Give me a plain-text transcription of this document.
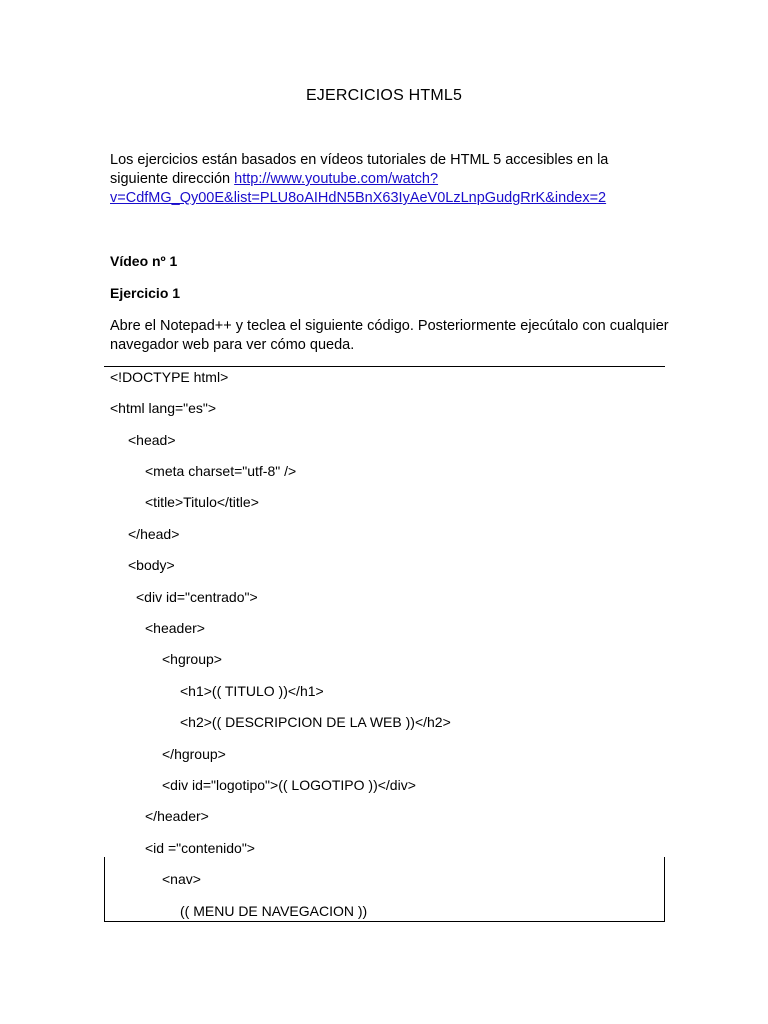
EJERCICIOS HTML5
Los ejercicios están basados en vídeos tutoriales de HTML 5 accesibles en la siguiente dirección http://www.youtube.com/watch?
v=CdfMG_Qy00E&list=PLU8oAIHdN5BnX63IyAeV0LzLnpGudgRrK&index=2
Vídeo nº 1
Ejercicio 1
Abre el Notepad++ y teclea el siguiente código. Posteriormente ejecútalo con cualquier navegador web para ver cómo queda.
<!DOCTYPE html>
<html lang="es">
<head>
<meta charset="utf-8" />
<title>Titulo</title>
</head>
<body>
<div id="centrado">
<header>
<hgroup>
<h1>(( TITULO ))</h1>
<h2>(( DESCRIPCION DE LA WEB ))</h2>
</hgroup>
<div id="logotipo">(( LOGOTIPO ))</div>
</header>
<id ="contenido">
<nav>
(( MENU DE NAVEGACION ))
